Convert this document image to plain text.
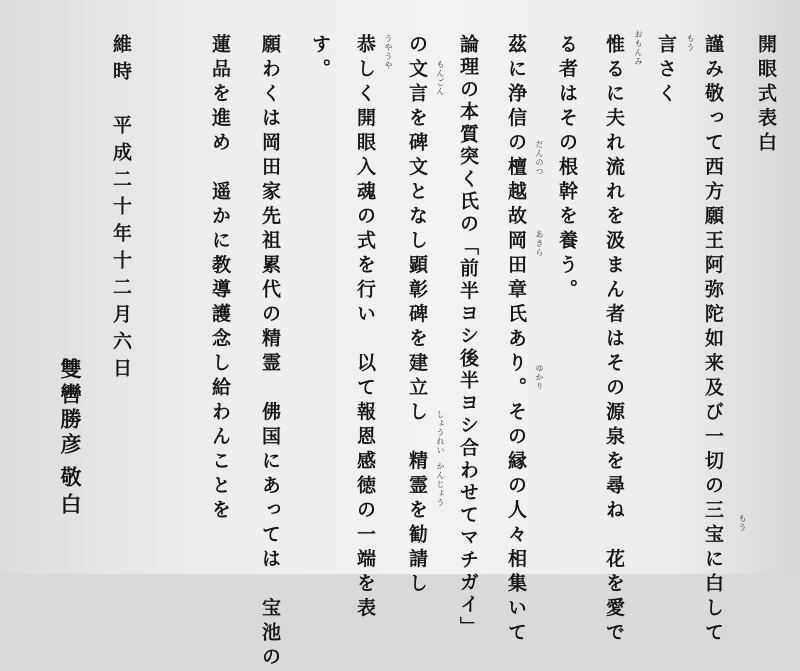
開眼式表白
謹み敬って西方願王阿弥陀如来及び一切の三宝に白して
言さく
惟るに夫れ流れを汲まん者はその源泉を尋ね　花を愛で
る者はその根幹を養う。
茲に浄信の檀越故岡田章氏あり。その縁の人々相集いて
論理の本質突く氏の「前半ヨシ後半ヨシ合わせてマチガイ」
の文言を碑文となし顕彰碑を建立し　精霊を勧請し
恭しく開眼入魂の式を行い　以て報恩感徳の一端を表
す。
願わくは岡田家先祖累代の精霊　佛国にあっては　宝池の
蓮品を進め　遥かに教導護念し給わんことを
維時　平成二十年十二月六日
雙轡勝彦
敬白
もう
もう
おもんみ
だんのつ
あきら
ゆかり
もんごん
しょうれい
かんじょう
うやうや
